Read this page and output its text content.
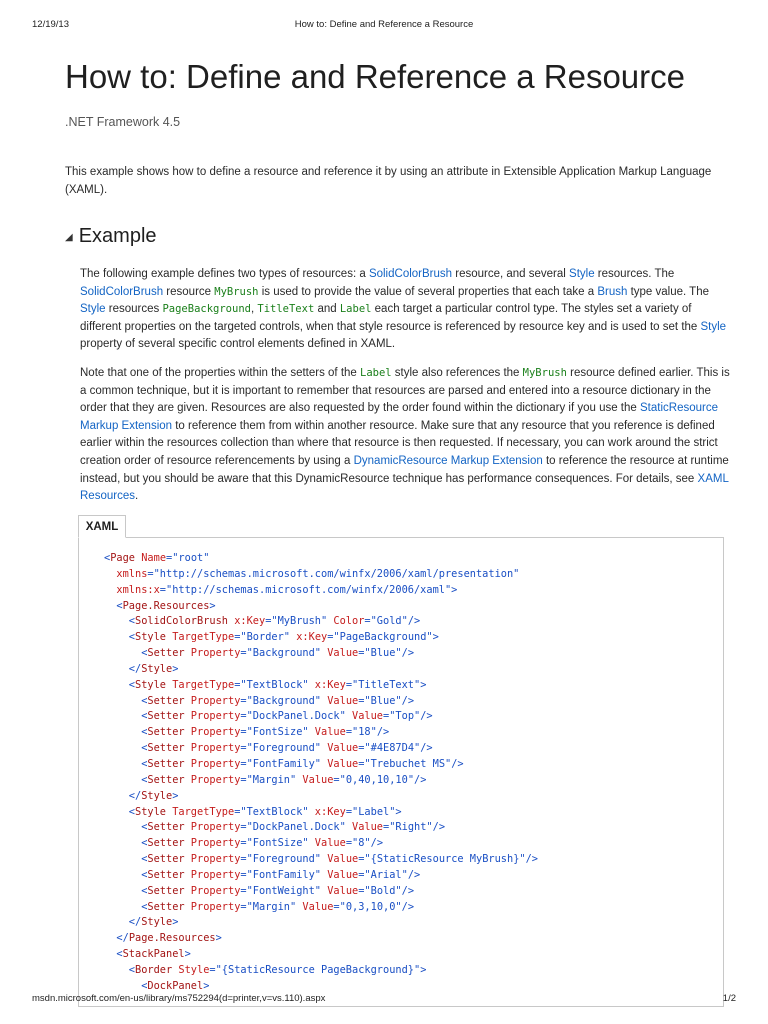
12/19/13	How to: Define and Reference a Resource
How to: Define and Reference a Resource
.NET Framework 4.5

This example shows how to define a resource and reference it by using an attribute in Extensible Application Markup Language (XAML).

◢ Example

The following example defines two types of resources: a SolidColorBrush resource, and several Style resources. The SolidColorBrush resource MyBrush is used to provide the value of several properties that each take a Brush type value. The Style resources PageBackground, TitleText and Label each target a particular control type. The styles set a variety of different properties on the targeted controls, when that style resource is referenced by resource key and is used to set the Style property of several specific control elements defined in XAML.

Note that one of the properties within the setters of the Label style also references the MyBrush resource defined earlier. This is a common technique, but it is important to remember that resources are parsed and entered into a resource dictionary in the order that they are given. Resources are also requested by the order found within the dictionary if you use the StaticResource Markup Extension to reference them from within another resource. Make sure that any resource that you reference is defined earlier within the resources collection than where that resource is then requested. If necessary, you can work around the strict creation order of resource referencements by using a DynamicResource Markup Extension to reference the resource at runtime instead, but you should be aware that this DynamicResource technique has performance consequences. For details, see XAML Resources.

XAML
<Page Name="root"
xmlns="http://schemas.microsoft.com/winfx/2006/xaml/presentation"
xmlns:x="http://schemas.microsoft.com/winfx/2006/xaml">
<Page.Resources>
<SolidColorBrush x:Key="MyBrush" Color="Gold"/>
<Style TargetType="Border" x:Key="PageBackground">
<Setter Property="Background" Value="Blue"/>
</Style>
<Style TargetType="TextBlock" x:Key="TitleText">
<Setter Property="Background" Value="Blue"/>
<Setter Property="DockPanel.Dock" Value="Top"/>
<Setter Property="FontSize" Value="18"/>
<Setter Property="Foreground" Value="#4E87D4"/>
<Setter Property="FontFamily" Value="Trebuchet MS"/>
<Setter Property="Margin" Value="0,40,10,10"/>
</Style>
<Style TargetType="TextBlock" x:Key="Label">
<Setter Property="DockPanel.Dock" Value="Right"/>
<Setter Property="FontSize" Value="8"/>
<Setter Property="Foreground" Value="{StaticResource MyBrush}"/>
<Setter Property="FontFamily" Value="Arial"/>
<Setter Property="FontWeight" Value="Bold"/>
<Setter Property="Margin" Value="0,3,10,0"/>
</Style>
</Page.Resources>
<StackPanel>
<Border Style="{StaticResource PageBackground}">
<DockPanel>
msdn.microsoft.com/en-us/library/ms752294(d=printer,v=vs.110).aspx	1/2
